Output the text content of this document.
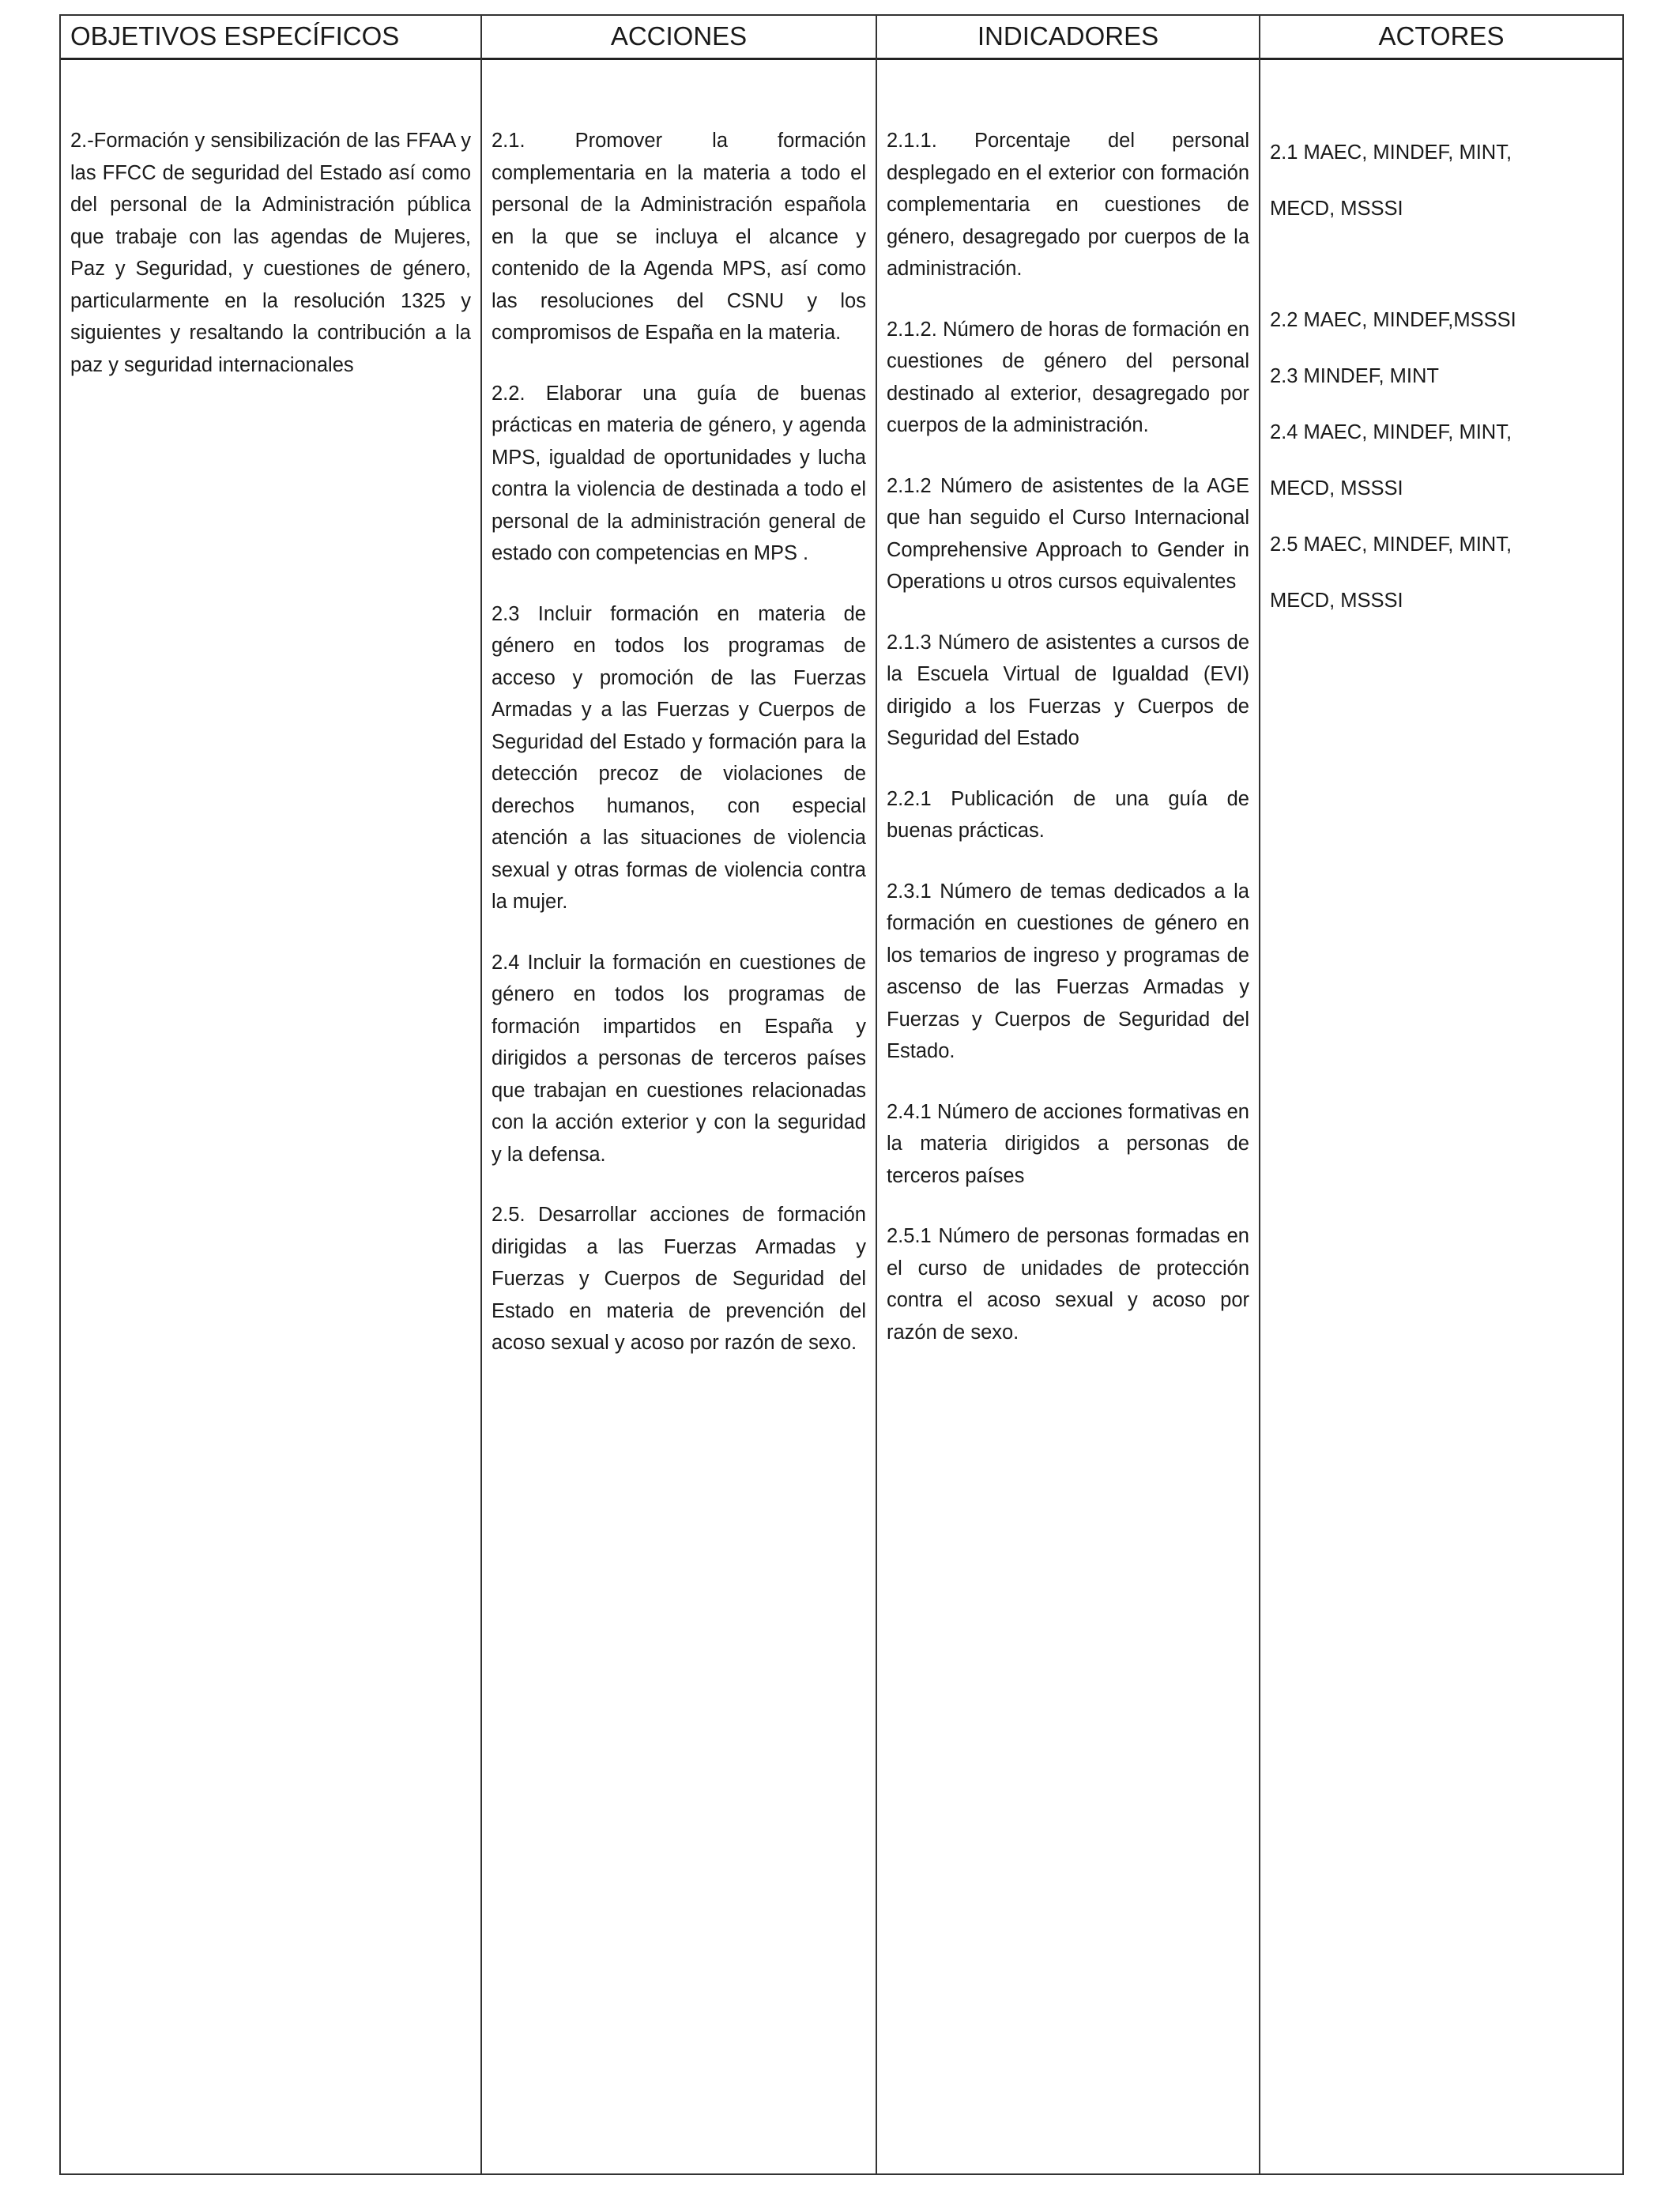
OBJETIVOS ESPECÍFICOS

2.-Formación y sensibilización de las FFAA y las FFCC de seguridad del Estado así como del personal de la Administración pública que trabaje con las agendas de Mujeres, Paz y Seguridad, y cuestiones de género, particularmente en la resolución 1325 y siguientes y resaltando la contribución a la paz y seguridad internacionales

ACCIONES

2.1. Promover la formación complementaria en la materia a todo el personal de la Administración española en la que se incluya el alcance y contenido de la Agenda MPS, así como las resoluciones del CSNU y los compromisos de España en la materia.

2.2. Elaborar una guía de buenas prácticas en materia de género, y agenda MPS, igualdad de oportunidades y lucha contra la violencia de destinada a todo el personal de la administración general de estado con competencias en MPS .

2.3 Incluir formación en materia de género en todos los programas de acceso y promoción de las Fuerzas Armadas y a las Fuerzas y Cuerpos de Seguridad del Estado y formación para la detección precoz de violaciones de derechos humanos, con especial atención a las situaciones de violencia sexual y otras formas de violencia contra la mujer.

2.4 Incluir la formación en cuestiones de género en todos los programas de formación impartidos en España y dirigidos a personas de terceros países que trabajan en cuestiones relacionadas con la acción exterior y con la seguridad y la defensa.

2.5. Desarrollar acciones de formación dirigidas a las Fuerzas Armadas y Fuerzas y Cuerpos de Seguridad del Estado en materia de prevención del acoso sexual y acoso por razón de sexo.

INDICADORES

2.1.1. Porcentaje del personal desplegado en el exterior con formación complementaria en cuestiones de género, desagregado por cuerpos de la administración.

2.1.2. Número de horas de formación en cuestiones de género del personal destinado al exterior, desagregado por cuerpos de la administración.

2.1.2 Número de asistentes de la AGE que han seguido el Curso Internacional Comprehensive Approach to Gender in Operations u otros cursos equivalentes

2.1.3 Número de asistentes a cursos de la Escuela Virtual de Igualdad (EVI) dirigido a los Fuerzas y Cuerpos de Seguridad del Estado

2.2.1 Publicación de una guía de buenas prácticas.

2.3.1 Número de temas dedicados a la formación en cuestiones de género en los temarios de ingreso y programas de ascenso de las Fuerzas Armadas y Fuerzas y Cuerpos de Seguridad del Estado.

2.4.1 Número de acciones formativas en la materia dirigidos a personas de terceros países

2.5.1 Número de personas formadas en el curso de unidades de protección contra el acoso sexual y acoso por razón de sexo.

ACTORES

2.1 MAEC, MINDEF, MINT,

MECD, MSSSI

2.2 MAEC, MINDEF,MSSSI

2.3 MINDEF, MINT

2.4 MAEC, MINDEF, MINT,

MECD, MSSSI

2.5 MAEC, MINDEF, MINT,

MECD, MSSSI
